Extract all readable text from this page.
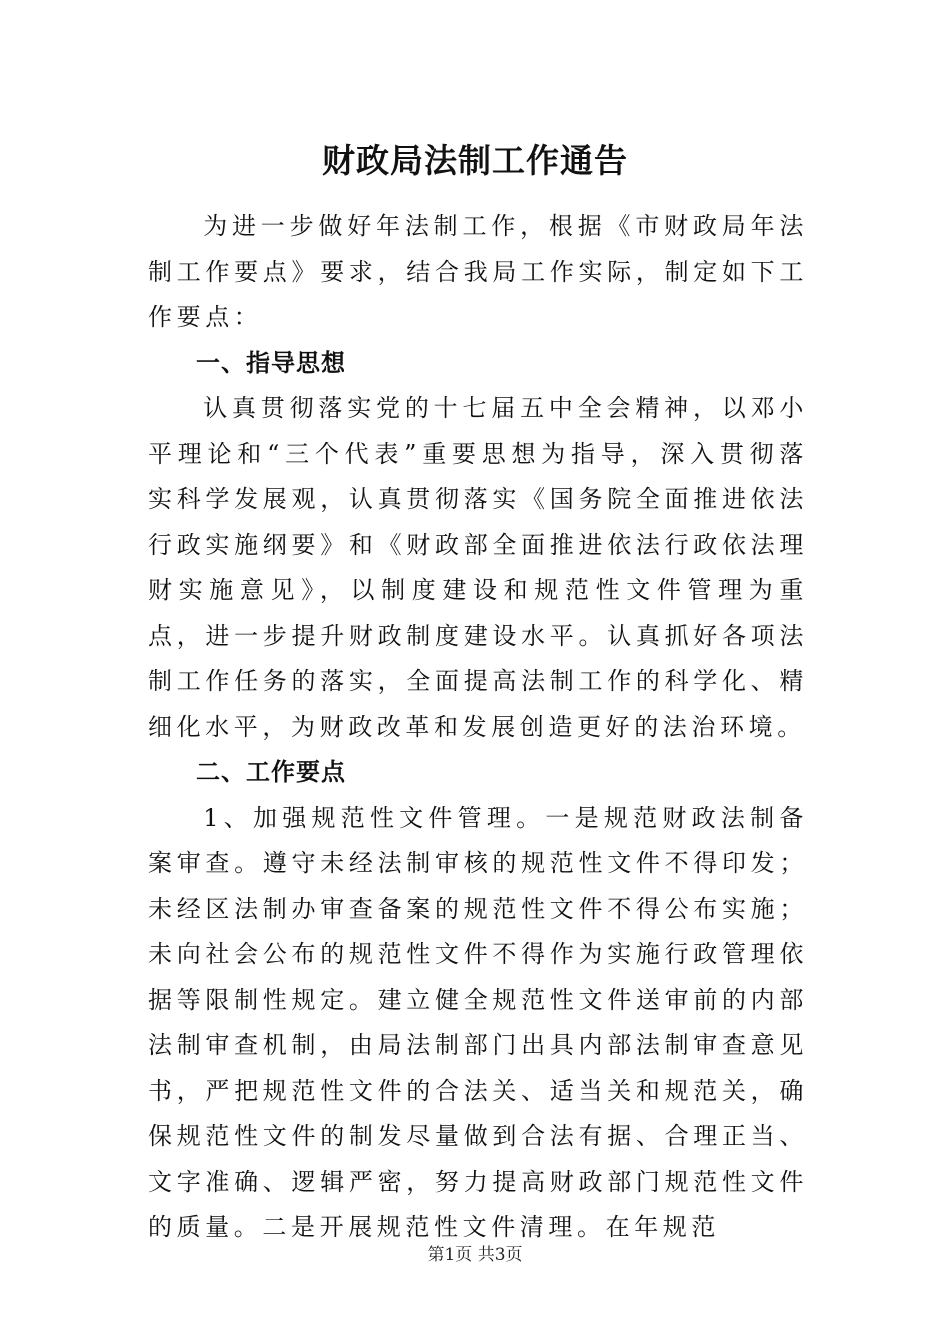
财政局法制工作通告

为进一步做好年法制工作，根据《市财政局年法制工作要点》要求，结合我局工作实际，制定如下工作要点：

一、指导思想

认真贯彻落实党的十七届五中全会精神，以邓小平理论和“三个代表”重要思想为指导，深入贯彻落实科学发展观，认真贯彻落实《国务院全面推进依法行政实施纲要》和《财政部全面推进依法行政依法理财实施意见》，以制度建设和规范性文件管理为重点，进一步提升财政制度建设水平。认真抓好各项法制工作任务的落实，全面提高法制工作的科学化、精细化水平，为财政改革和发展创造更好的法治环境。

二、工作要点

1、加强规范性文件管理。一是规范财政法制备案审查。遵守未经法制审核的规范性文件不得印发；未经区法制办审查备案的规范性文件不得公布实施；未向社会公布的规范性文件不得作为实施行政管理依据等限制性规定。建立健全规范性文件送审前的内部法制审查机制，由局法制部门出具内部法制审查意见书，严把规范性文件的合法关、适当关和规范关，确保规范性文件的制发尽量做到合法有据、合理正当、文字准确、逻辑严密，努力提高财政部门规范性文件的质量。二是开展规范性文件清理。在年规范

第1页 共3页
